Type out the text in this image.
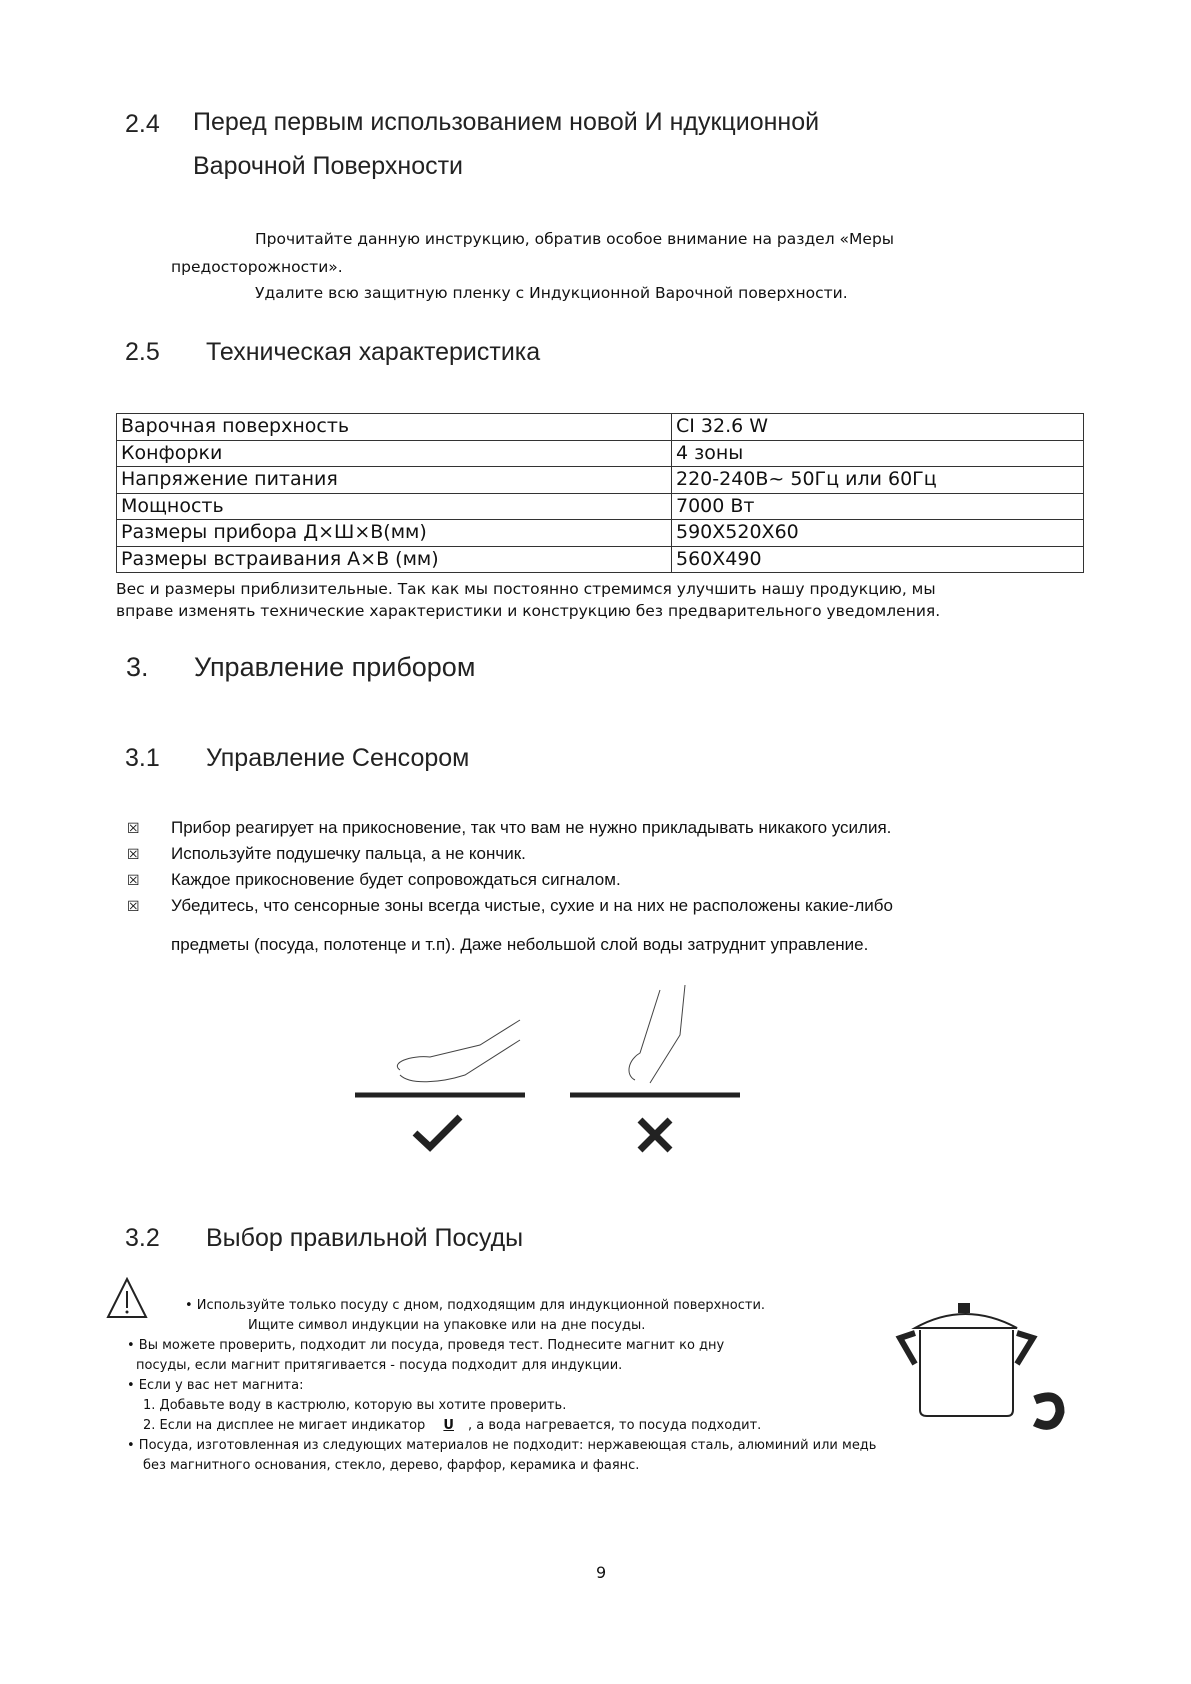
2.4 Перед первым использованием новой И ндукционной
Варочной Поверхности
Прочитайте данную инструкцию, обратив особое внимание на раздел «Меры
предосторожности».
Удалите всю защитную пленку с Индукционной Варочной поверхности.
2.5 Техническая характеристика
Варочная поверхность	CI 32.6 W
Конфорки	4 зоны
Напряжение питания	220-240В~ 50Гц или 60Гц
Мощность	7000 Вт
Размеры прибора Д×Ш×В(мм)	590X520X60
Размеры встраивания А×В (мм)	560X490
Вес и размеры приблизительные. Так как мы постоянно стремимся улучшить нашу продукцию, мы
вправе изменять технические характеристики и конструкцию без предварительного уведомления.
3. Управление прибором
3.1 Управление Сенсором
☒ Прибор реагирует на прикосновение, так что вам не нужно прикладывать никакого усилия.
☒ Используйте подушечку пальца, а не кончик.
☒ Каждое прикосновение будет сопровождаться сигналом.
☒ Убедитесь, что сенсорные зоны всегда чистые, сухие и на них не расположены какие-либо
предметы (посуда, полотенце и т.п). Даже небольшой слой воды затруднит управление.
3.2 Выбор правильной Посуды
• Используйте только посуду с дном, подходящим для индукционной поверхности.
Ищите символ индукции на упаковке или на дне посуды.
• Вы можете проверить, подходит ли посуда, проведя тест. Поднесите магнит ко дну
посуды, если магнит притягивается - посуда подходит для индукции.
• Если у вас нет магнита:
1. Добавьте воду в кастрюлю, которую вы хотите проверить.
2. Если на дисплее не мигает индикатор U , а вода нагревается, то посуда подходит.
• Посуда, изготовленная из следующих материалов не подходит: нержавеющая сталь, алюминий или медь
без магнитного основания, стекло, дерево, фарфор, керамика и фаянс.
9
